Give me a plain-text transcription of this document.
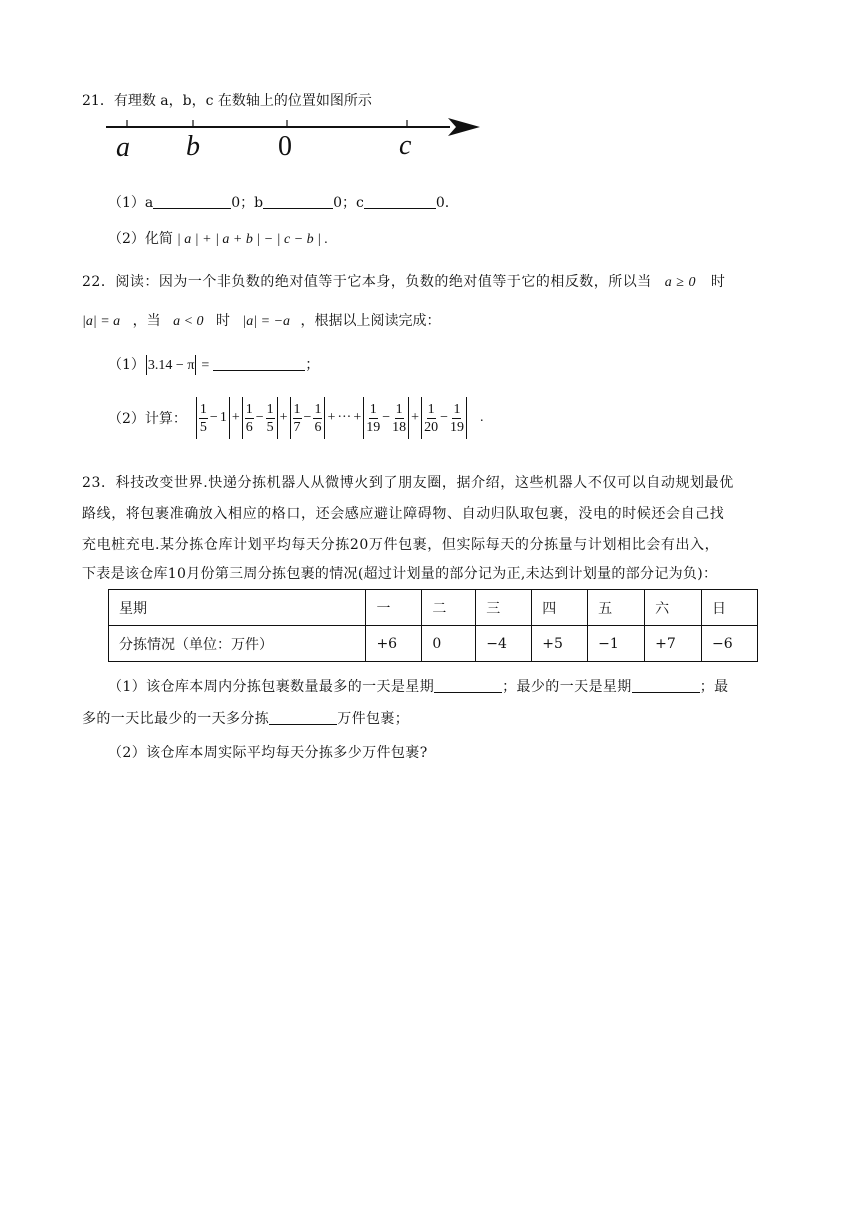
21．有理数 a，b，c 在数轴上的位置如图所示
a b	0	c
（1）a	0；b	0；c	0.
（2）化简 | a | + | a + b | − | c − b | .
22．阅读：因为一个非负数的绝对值等于它本身，负数的绝对值等于它的相反数，所以当 a ≥ 0 时
|a| = a ，当 a < 0 时 |a| = −a ，根据以上阅读完成：
（1） 3.14 − π =	；
（2）计算： $\frac{1}{5} - 1 + \frac{1}{6} - \frac{1}{5} + \frac{1}{7} - \frac{1}{6}$ + ··· + $\frac{1}{19} - \frac{1}{18} + \frac{1}{20} - \frac{1}{19}$ .
23．科技改变世界.快递分拣机器人从微博火到了朋友圈，据介绍，这些机器人不仅可以自动规划最优
路线，将包裹准确放入相应的格口，还会感应避让障碍物、自动归队取包裹，没电的时候还会自己找
充电桩充电.某分拣仓库计划平均每天分拣20万件包裹，但实际每天的分拣量与计划相比会有出入，
下表是该仓库10月份第三周分拣包裹的情况(超过计划量的部分记为正,未达到计划量的部分记为负)：
星期	一	二	三	四	五	六	日
分拣情况（单位：万件）	+6	0	−4	+5	−1	+7	−6
（1）该仓库本周内分拣包裹数量最多的一天是星期	；最少的一天是星期	；最
多的一天比最少的一天多分拣	万件包裹；
（2）该仓库本周实际平均每天分拣多少万件包裹?
